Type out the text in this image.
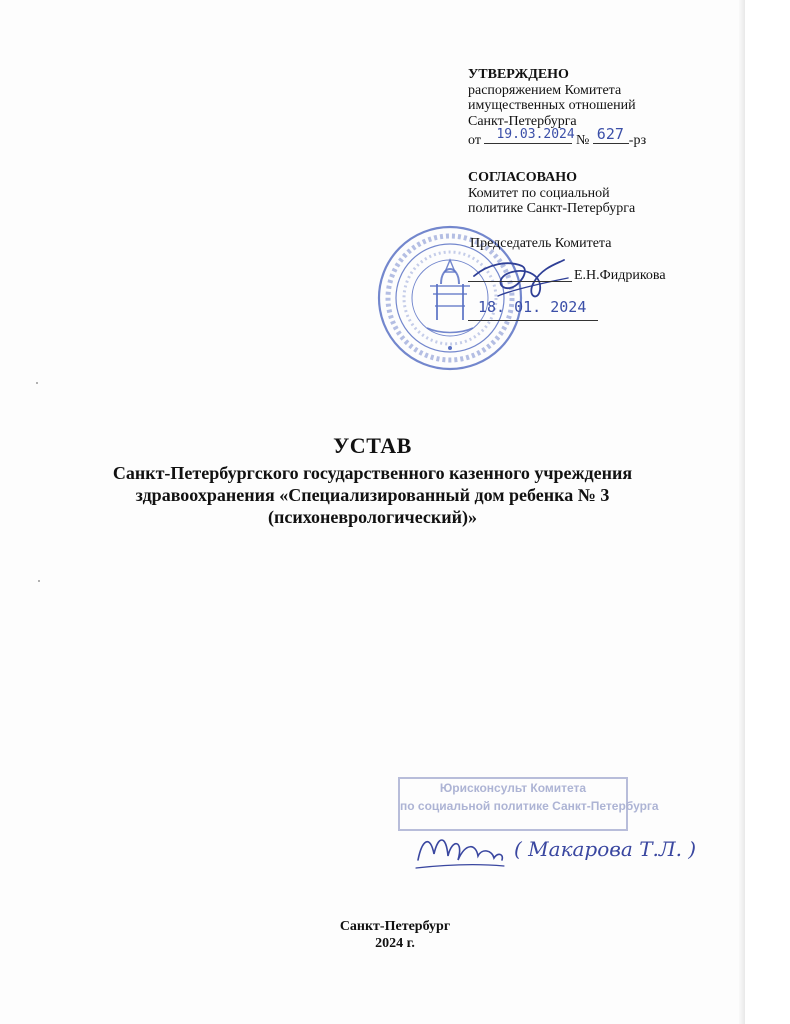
УТВЕРЖДЕНО
распоряжением Комитета
имущественных отношений
Санкт-Петербурга
от 19.03.2024 № 627 -рз
СОГЛАСОВАНО
Комитет по социальной
политике Санкт-Петербурга
Председатель Комитета
Е.Н.Фидрикова
18. 01. 2024
УСТАВ
Санкт-Петербургского государственного казенного учреждения
здравоохранения «Специализированный дом ребенка № 3
(психоневрологический)»
Юрисконсульт Комитета
по социальной политике Санкт-Петербурга
( Макарова Т.Л. )
Санкт-Петербург
2024 г.
